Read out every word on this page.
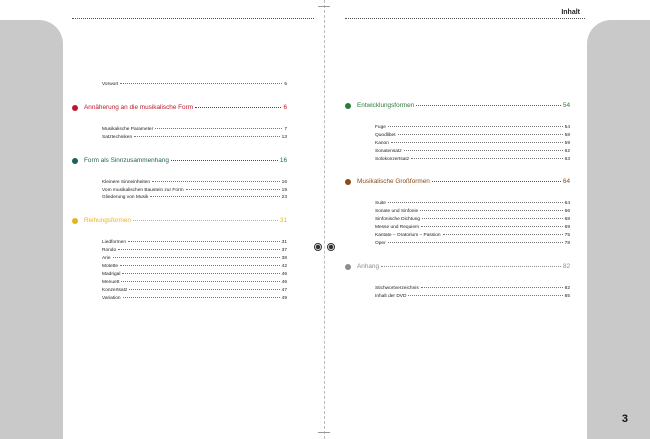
Inhalt
3
Vorwort	5
Annäherung an die musikalische Form	6
Musikalische Parameter	7
Satztechniken	13
Form als Sinnzusammenhang	16
Kleinere Sinneinheiten	16
Vom musikalischen Baustein zur Form	19
Gliederung von Musik	23
Reihungsformen	31
Liedformen	31
Rondo	37
Arie	38
Motette	42
Madrigal	46
Menuett	46
Konzertsatz	47
Variation	49
Entwicklungsformen	54
Fuge	54
Quodlibet	58
Kanon	59
Sonatensatz	62
Solokonzertsatz	63
Musikalische Großformen	64
Suite	64
Sonate und Sinfonie	66
Sinfonische Dichtung	68
Messe und Requiem	69
Kantate – Oratorium – Passion	75
Oper	78
Anhang	82
Stichwortverzeichnis	82
Inhalt der DVD	85
